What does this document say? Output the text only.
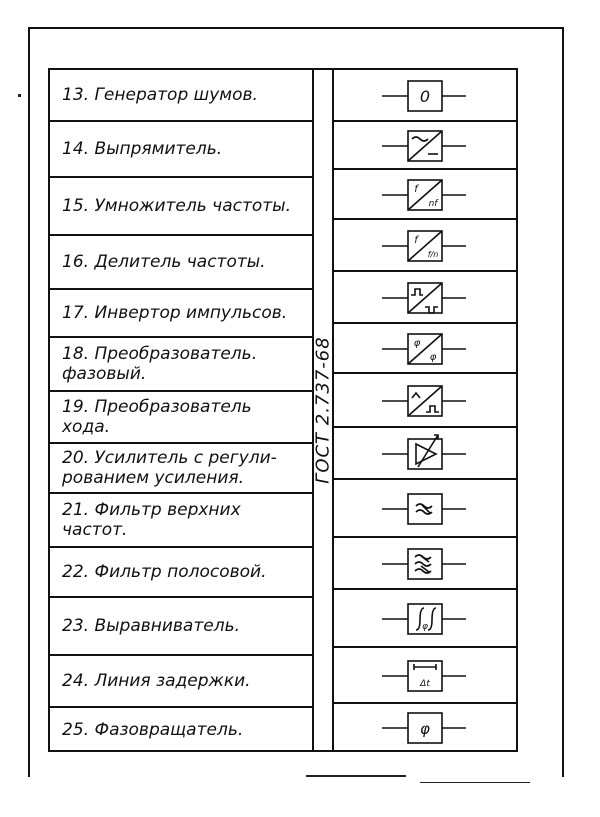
13. Генератор шумов.
14. Выпрямитель.
15. Умножитель частоты.
16. Делитель частоты.
17. Инвертор импульсов.
18. Преобразователь.
фазовый.
19. Преобразователь
хода.
20. Усилитель с регули-
рованием усиления.
21. Фильтр верхних
частот.
22. Фильтр полосовой.
23. Выравниватель.
24. Линия задержки.
25. Фазовращатель.
ГОСТ 2.737-68
0
f
nf
f
f/n
φ
φ
φ
Δt
φ
